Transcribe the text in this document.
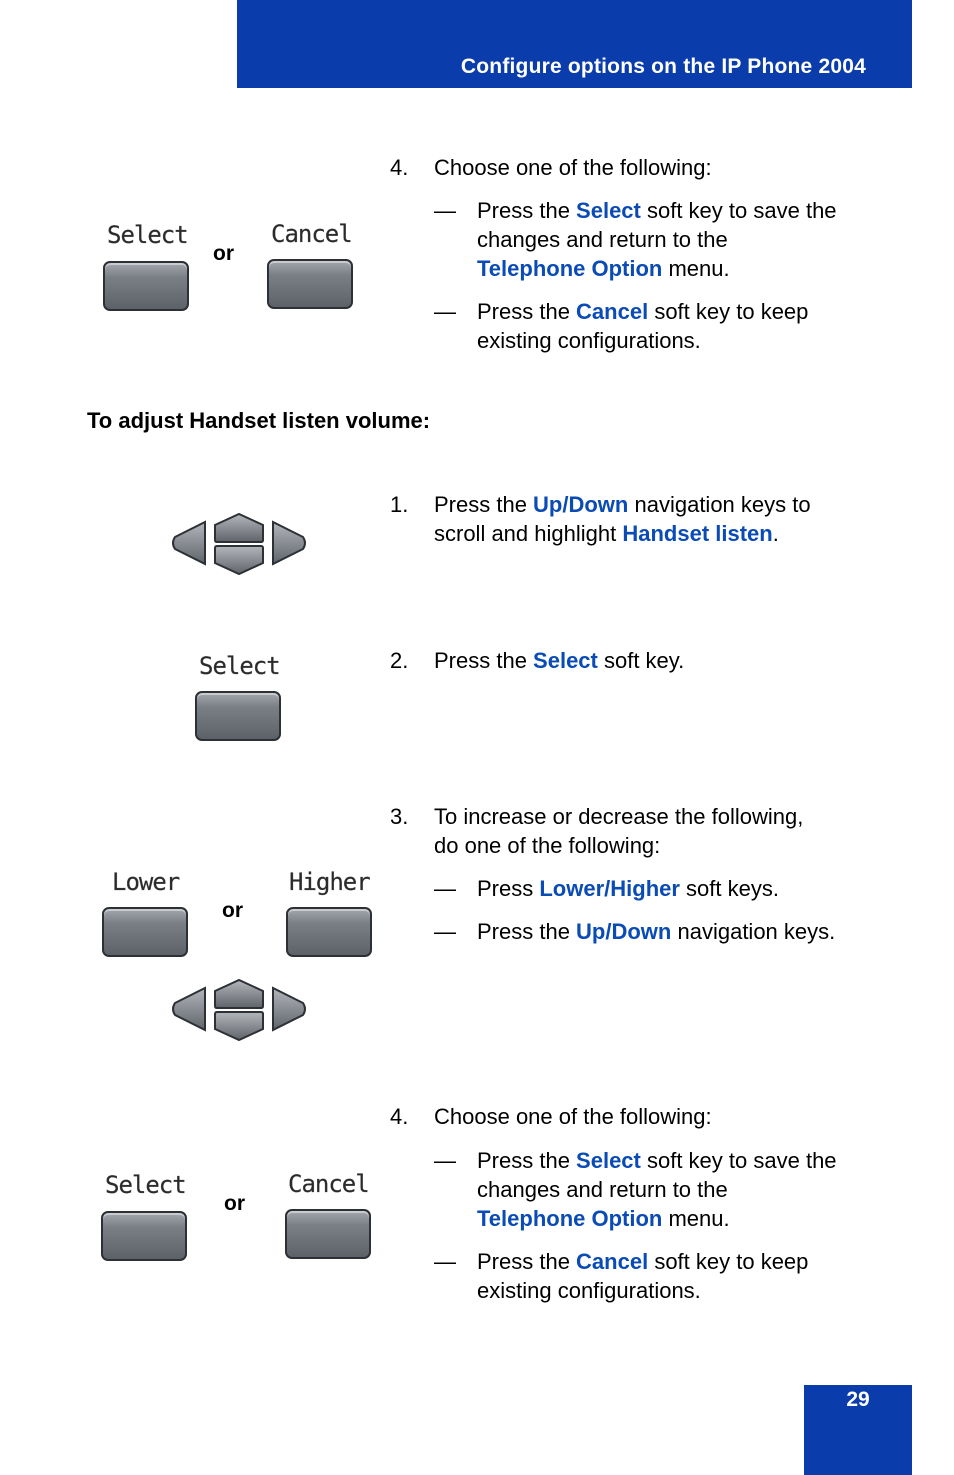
Configure options on the IP Phone 2004
Select
or
Cancel
4. Choose one of the following:
— Press the Select soft key to save the
changes and return to the
Telephone Option menu.
— Press the Cancel soft key to keep
existing configurations.
To adjust Handset listen volume:
1. Press the Up/Down navigation keys to
scroll and highlight Handset listen.
Select	2. Press the Select soft key.
Lower
or
Higher
3. To increase or decrease the following,
do one of the following:
— Press Lower/Higher soft keys.
— Press the Up/Down navigation keys.
Select
or
Cancel
4. Choose one of the following:
— Press the Select soft key to save the
changes and return to the
Telephone Option menu.
— Press the Cancel soft key to keep
existing configurations.
29
